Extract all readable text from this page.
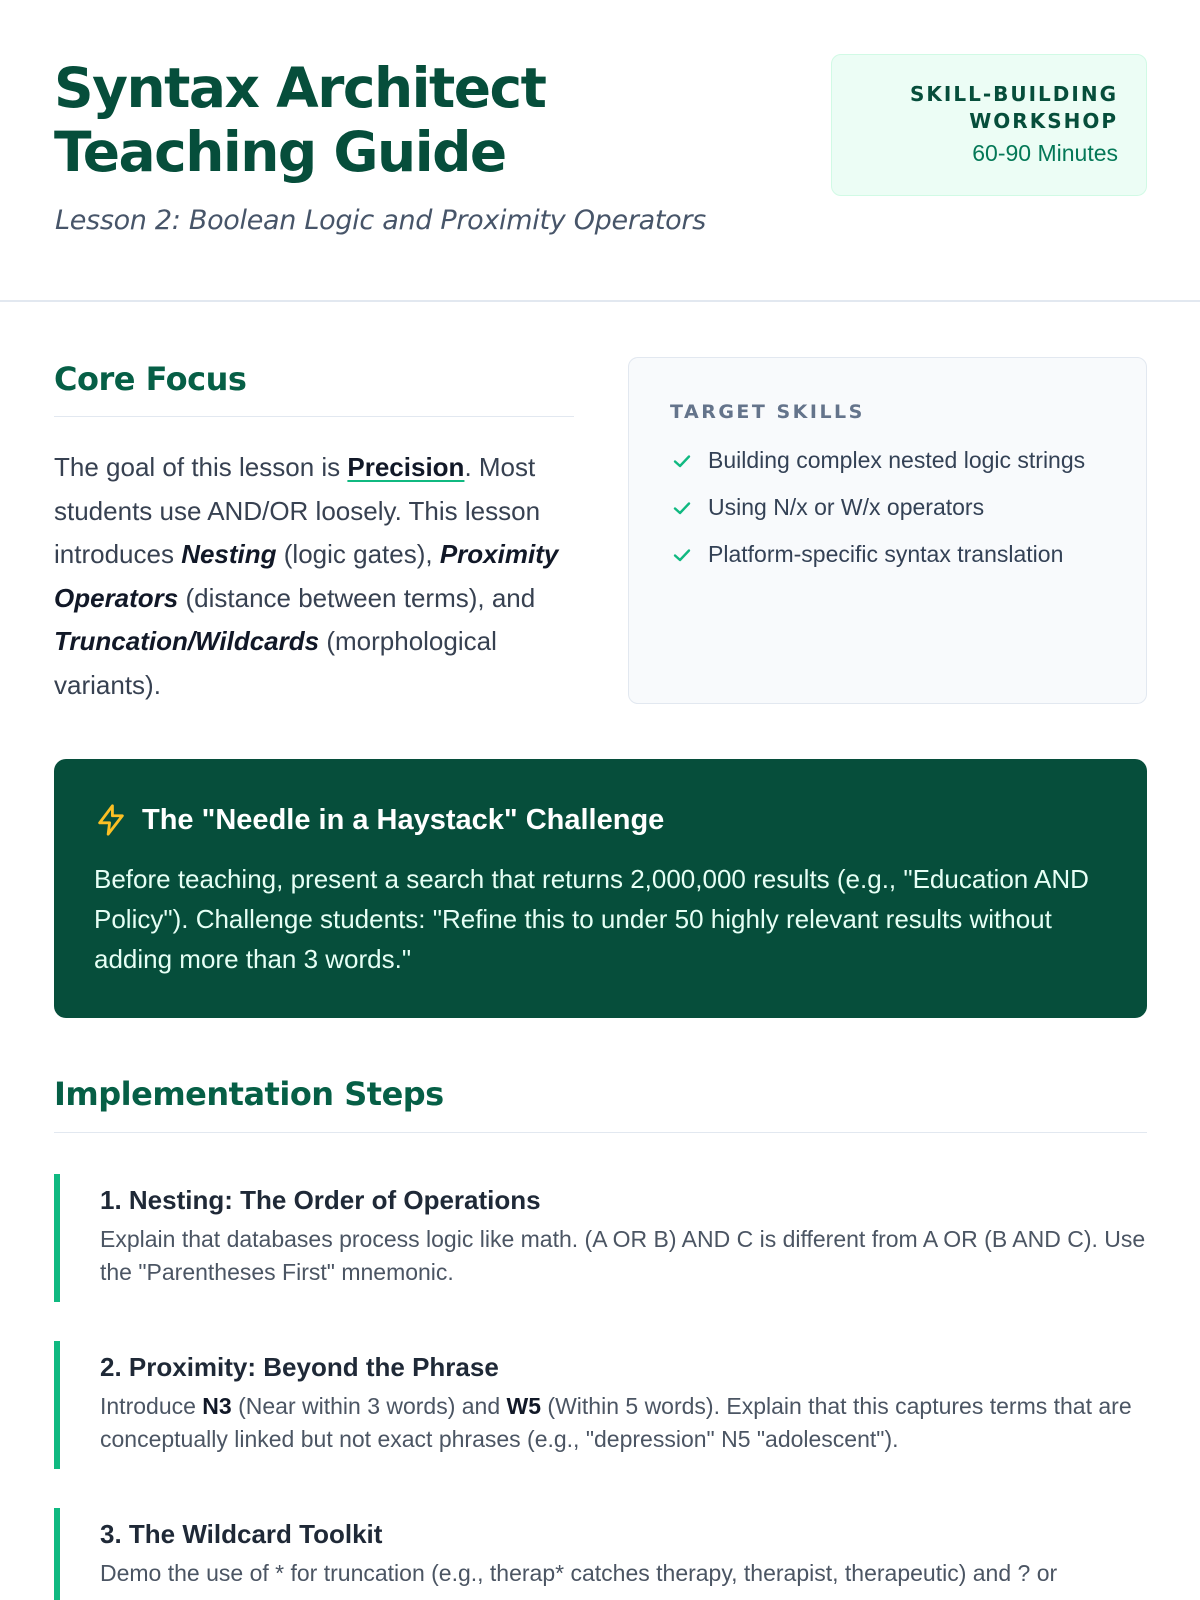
Syntax Architect
Teaching Guide
Lesson 2: Boolean Logic and Proximity Operators
SKILL-BUILDING
WORKSHOP
60-90 Minutes
Core Focus

The goal of this lesson is Precision. Most students use AND/OR loosely. This lesson introduces Nesting (logic gates), Proximity Operators (distance between terms), and Truncation/Wildcards (morphological variants).

TARGET SKILLS
Building complex nested logic strings
Using N/x or W/x operators
Platform-specific syntax translation
The "Needle in a Haystack" Challenge

Before teaching, present a search that returns 2,000,000 results (e.g., "Education AND Policy"). Challenge students: "Refine this to under 50 highly relevant results without adding more than 3 words."

Implementation Steps
1. Nesting: The Order of Operations

Explain that databases process logic like math. (A OR B) AND C is different from A OR (B AND C). Use the "Parentheses First" mnemonic.

2. Proximity: Beyond the Phrase

Introduce N3 (Near within 3 words) and W5 (Within 5 words). Explain that this captures terms that are conceptually linked but not exact phrases (e.g., "depression" N5 "adolescent").

3. The Wildcard Toolkit

Demo the use of * for truncation (e.g., therap* catches therapy, therapist, therapeutic) and ? or
